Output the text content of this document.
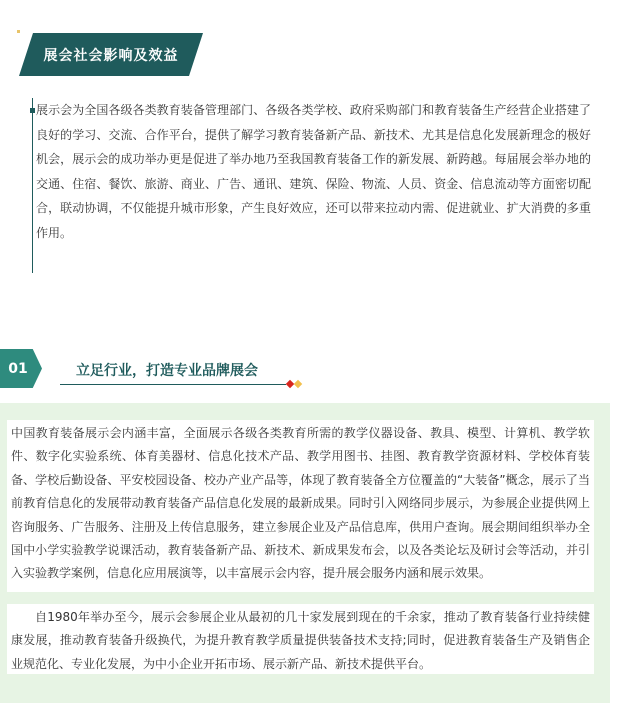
展会社会影响及效益

展示会为全国各级各类教育装备管理部门、各级各类学校、政府采购部门和教育装备生产经营企业搭建了良好的学习、交流、合作平台，提供了解学习教育装备新产品、新技术、尤其是信息化发展新理念的极好机会，展示会的成功举办更是促进了举办地乃至我国教育装备工作的新发展、新跨越。每届展会举办地的交通、住宿、餐饮、旅游、商业、广告、通讯、建筑、保险、物流、人员、资金、信息流动等方面密切配合，联动协调，不仅能提升城市形象，产生良好效应，还可以带来拉动内需、促进就业、扩大消费的多重作用。

01	立足行业，打造专业品牌展会

中国教育装备展示会内涵丰富，全面展示各级各类教育所需的教学仪器设备、教具、模型、计算机、教学软件、数字化实验系统、体育美器材、信息化技术产品、教学用图书、挂图、教育教学资源材料、学校体育装备、学校后勤设备、平安校园设备、校办产业产品等，体现了教育装备全方位覆盖的“大装备”概念，展示了当前教育信息化的发展带动教育装备产品信息化发展的最新成果。同时引入网络同步展示，为参展企业提供网上咨询服务、广告服务、注册及上传信息服务，建立参展企业及产品信息库，供用户查询。展会期间组织举办全国中小学实验教学说课活动，教育装备新产品、新技术、新成果发布会，以及各类论坛及研讨会等活动，并引入实验教学案例，信息化应用展演等，以丰富展示会内容，提升展会服务内涵和展示效果。

自1980年举办至今，展示会参展企业从最初的几十家发展到现在的千余家，推动了教育装备行业持续健康发展，推动教育装备升级换代，为提升教育教学质量提供装备技术支持;同时，促进教育装备生产及销售企业规范化、专业化发展，为中小企业开拓市场、展示新产品、新技术提供平台。
